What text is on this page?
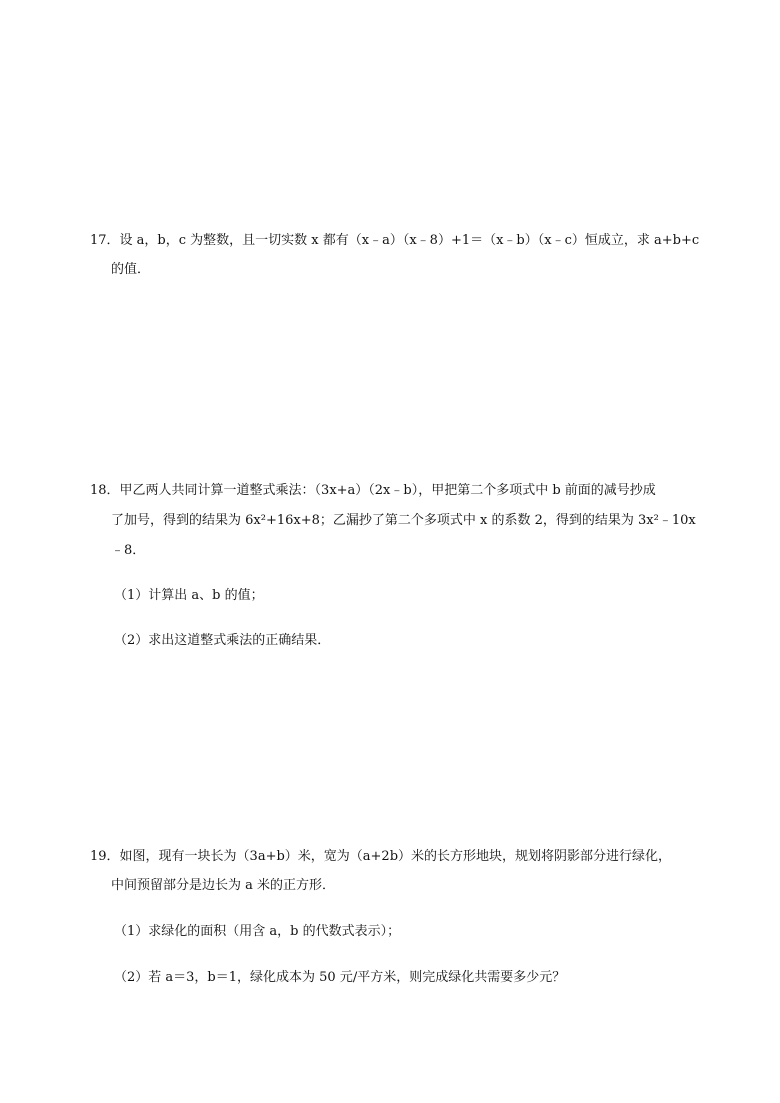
17．设 a，b，c 为整数，且一切实数 x 都有（x﹣a）（x﹣8）+1＝（x﹣b）（x﹣c）恒成立，求 a+b+c
的值．
18．甲乙两人共同计算一道整式乘法：（3x+a）（2x﹣b），甲把第二个多项式中 b 前面的减号抄成
了加号，得到的结果为 6x²+16x+8；乙漏抄了第二个多项式中 x 的系数 2，得到的结果为 3x²﹣10x
﹣8．
（1）计算出 a、b 的值；
（2）求出这道整式乘法的正确结果．
19．如图，现有一块长为（3a+b）米，宽为（a+2b）米的长方形地块，规划将阴影部分进行绿化，
中间预留部分是边长为 a 米的正方形．
（1）求绿化的面积（用含 a，b 的代数式表示）；
（2）若 a＝3，b＝1，绿化成本为 50 元/平方米，则完成绿化共需要多少元？
